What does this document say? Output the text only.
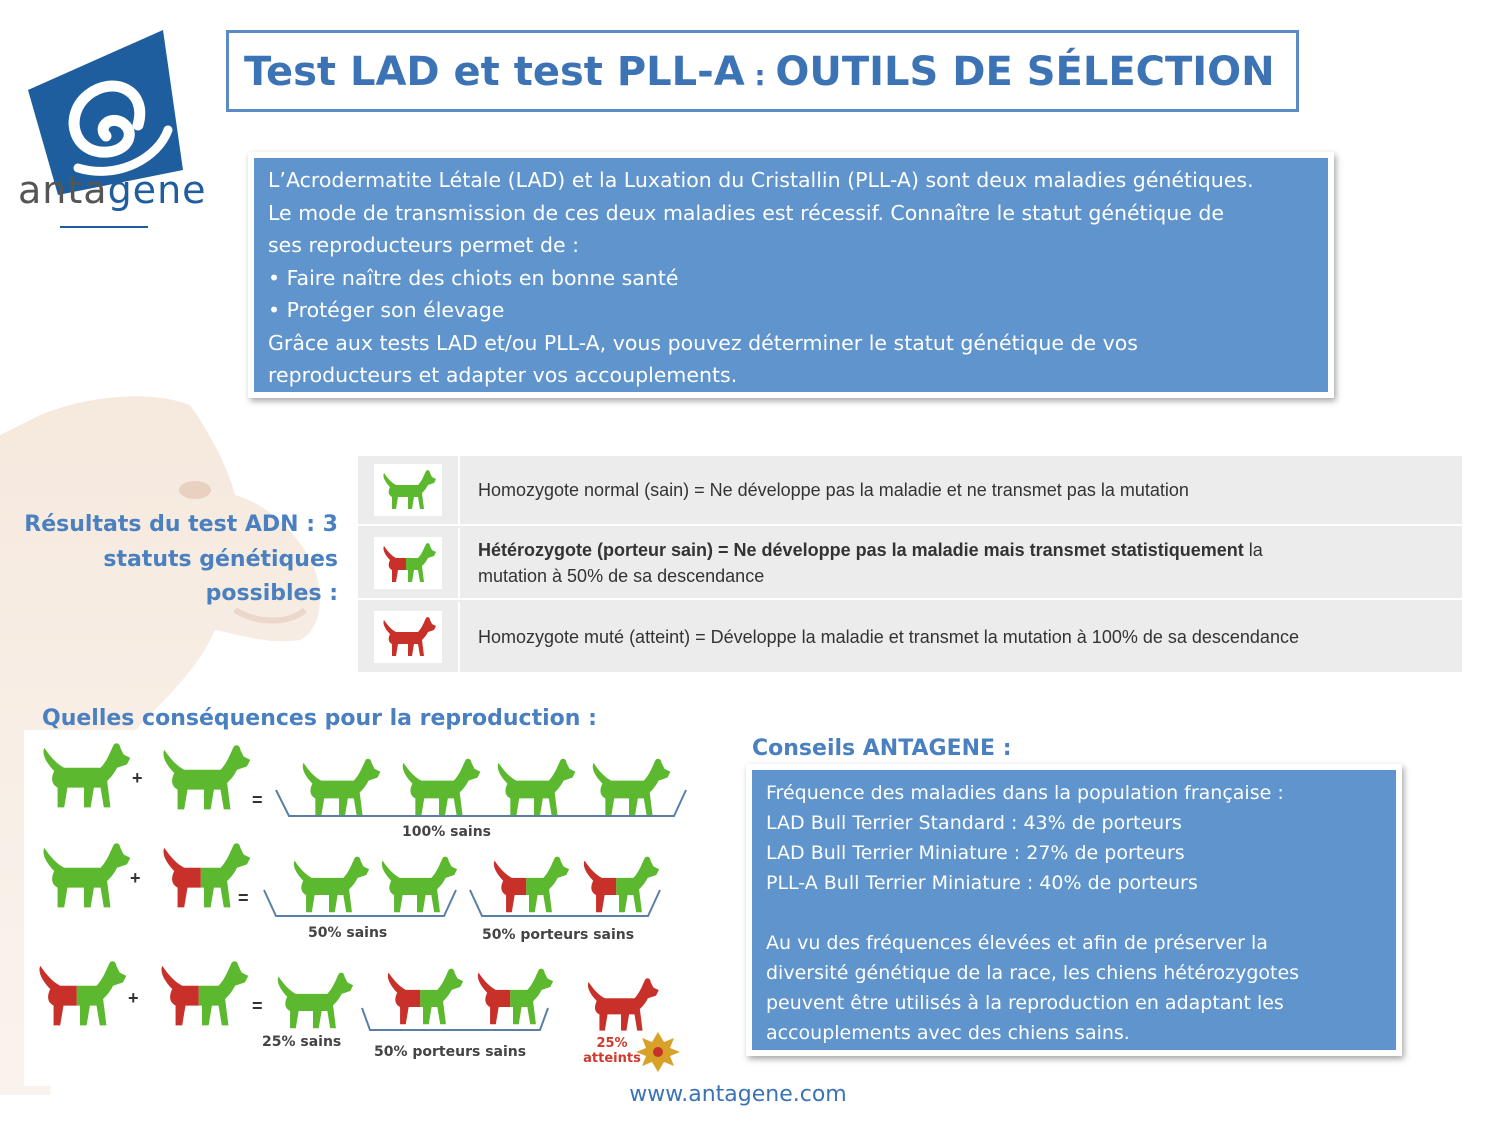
antagene
Test LAD et test PLL-A : OUTILS DE SÉLECTION
L’Acrodermatite Létale (LAD) et la Luxation du Cristallin (PLL-A) sont deux maladies génétiques.
Le mode de transmission de ces deux maladies est récessif. Connaître le statut génétique de
ses reproducteurs permet de :
• Faire naître des chiots en bonne santé
• Protéger son élevage
Grâce aux tests LAD et/ou PLL-A, vous pouvez déterminer le statut génétique de vos
reproducteurs et adapter vos accouplements.
Résultats du test ADN : 3
statuts génétiques
possibles :
Homozygote normal (sain) = Ne développe pas la maladie et ne transmet pas la mutation
Hétérozygote (porteur sain) = Ne développe pas la maladie mais transmet statistiquement la
mutation à 50% de sa descendance
Homozygote muté (atteint) = Développe la maladie et transmet la mutation à 100% de sa descendance
Quelles conséquences pour la reproduction :
+
=
100% sains
+
=
50% sains	50% porteurs sains
+	=
25% sains
50% porteurs sains
25%
atteints
Conseils ANTAGENE :
Fréquence des maladies dans la population française :
LAD Bull Terrier Standard : 43% de porteurs
LAD Bull Terrier Miniature : 27% de porteurs
PLL-A Bull Terrier Miniature : 40% de porteurs
Au vu des fréquences élevées et afin de préserver la
diversité génétique de la race, les chiens hétérozygotes
peuvent être utilisés à la reproduction en adaptant les
accouplements avec des chiens sains.
www.antagene.com
